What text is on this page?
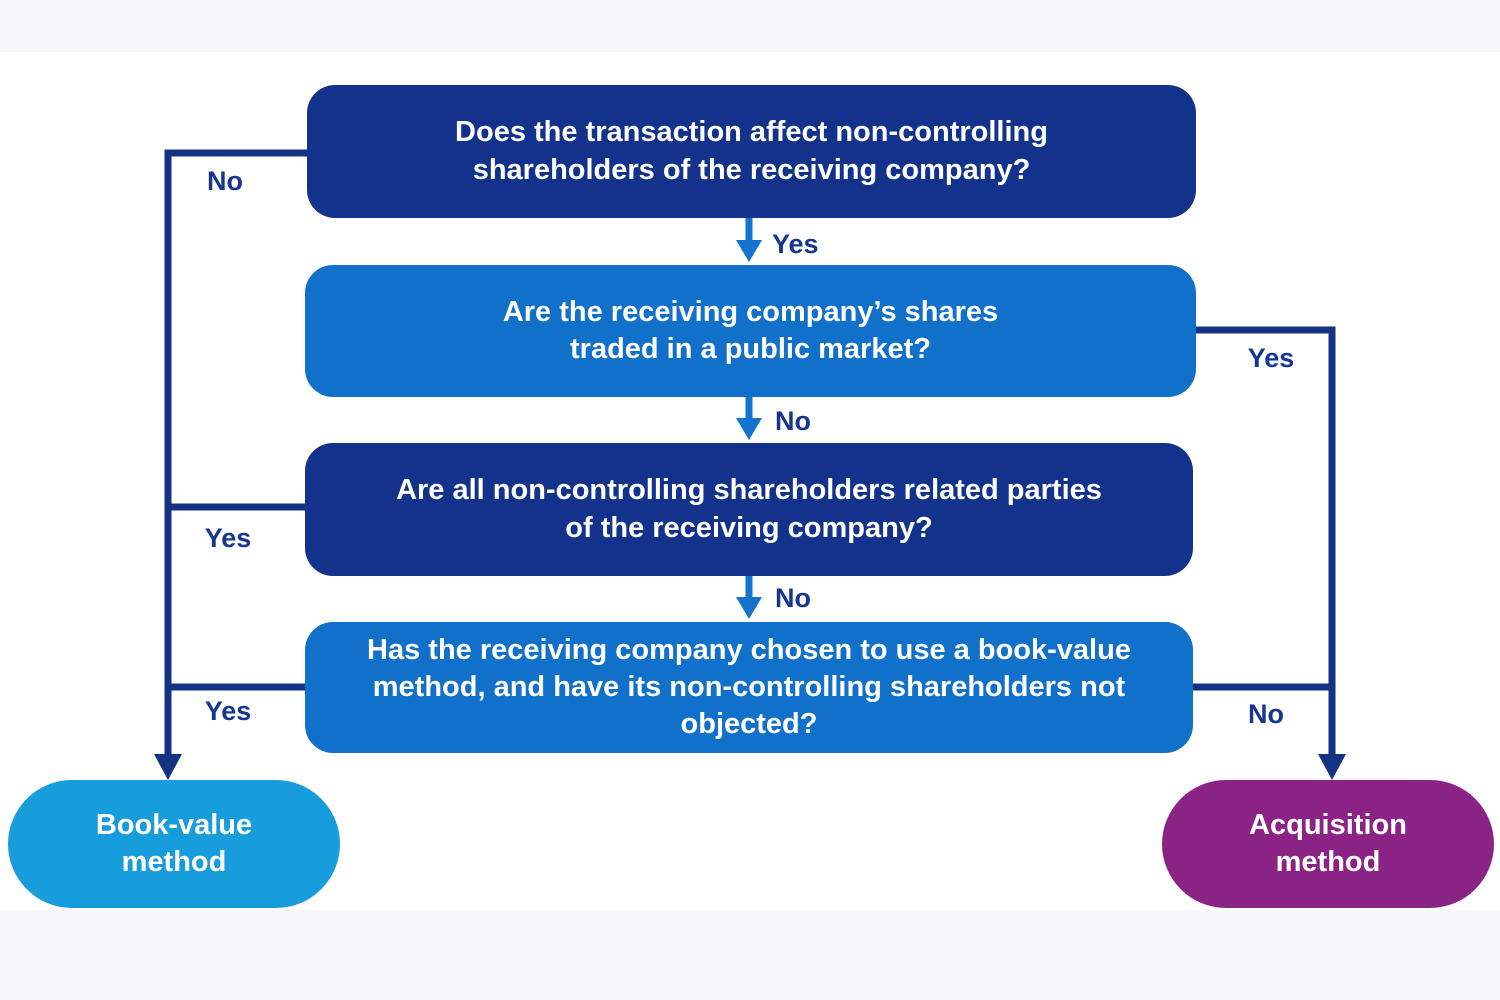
Does the transaction affect non-controlling shareholders of the receiving company?
Are the receiving company’s shares traded in a public market?
Are all non-controlling shareholders related parties of the receiving company?
Has the receiving company chosen to use a book-value method, and have its non-controlling shareholders not objected?
Book-value method
Acquisition method
No
Yes
Yes
No
Yes
No
Yes	No
